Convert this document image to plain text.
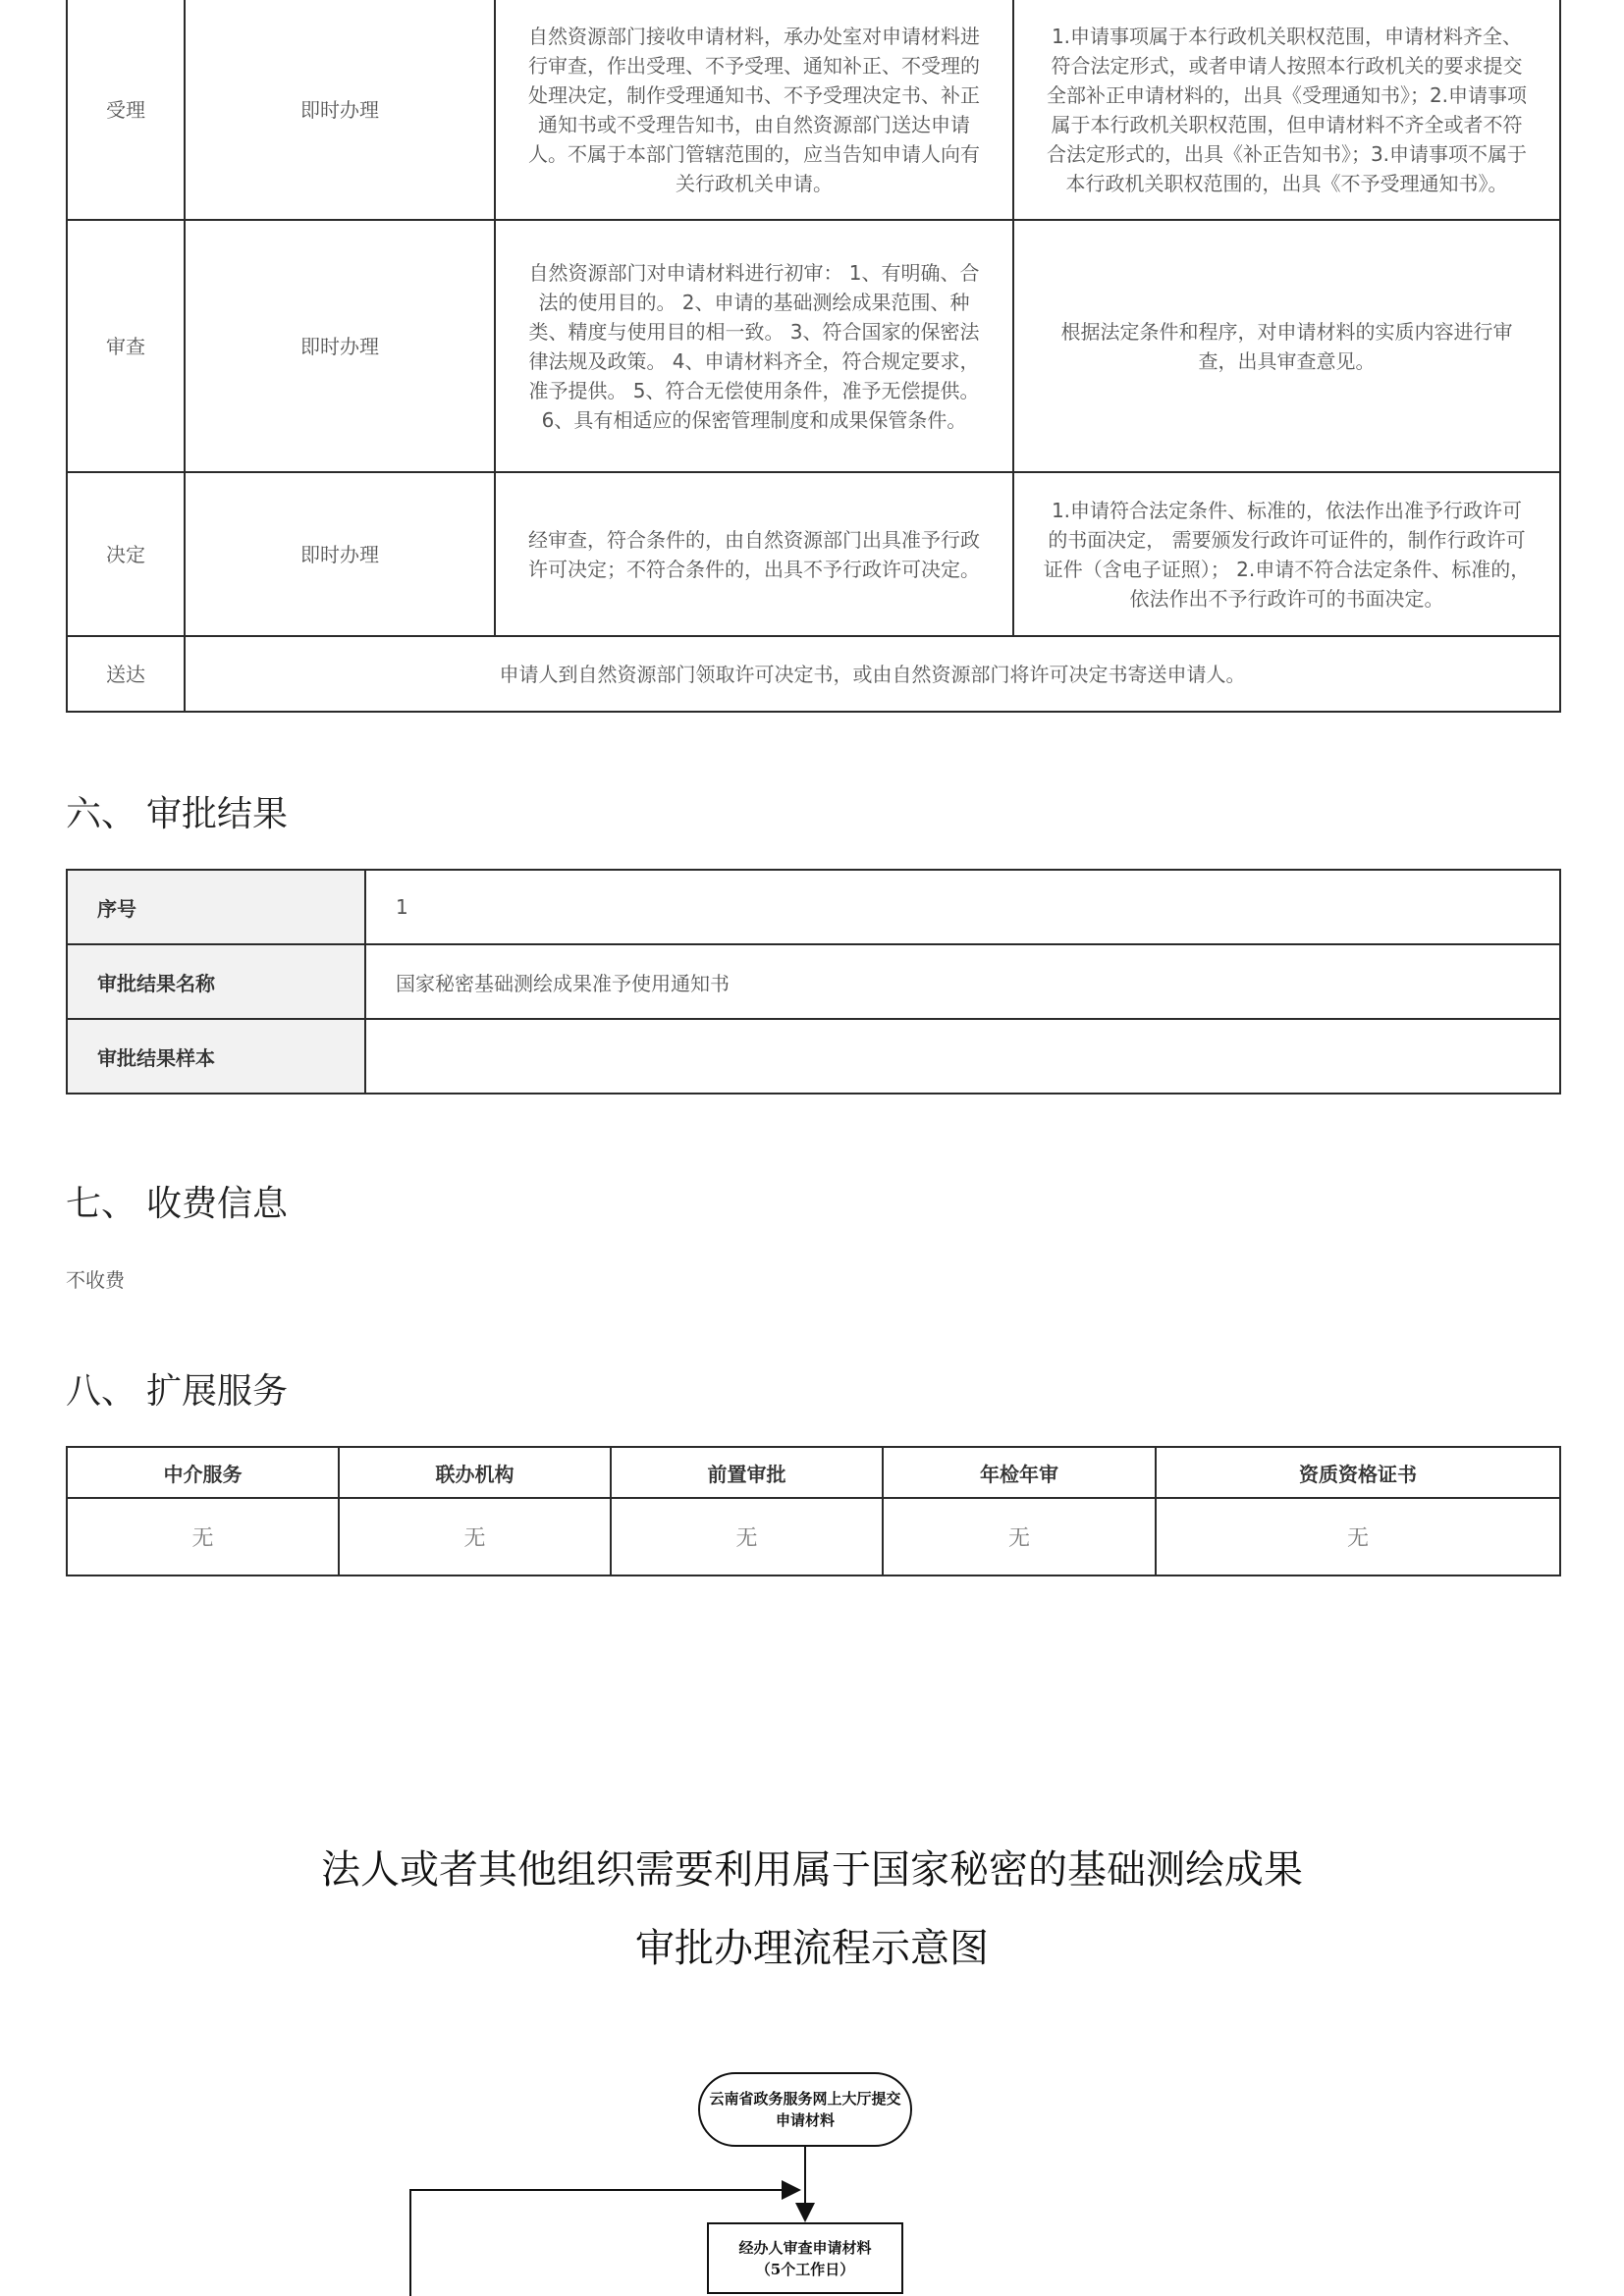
受理	即时办理	自然资源部门接收申请材料，承办处室对申请材料进行审查，作出受理、不予受理、通知补正、不受理的处理决定，制作受理通知书、不予受理决定书、补正通知书或不受理告知书，由自然资源部门送达申请人。不属于本部门管辖范围的，应当告知申请人向有关行政机关申请。	1.申请事项属于本行政机关职权范围，申请材料齐全、符合法定形式，或者申请人按照本行政机关的要求提交全部补正申请材料的，出具《受理通知书》；2.申请事项属于本行政机关职权范围，但申请材料不齐全或者不符合法定形式的，出具《补正告知书》；3.申请事项不属于本行政机关职权范围的，出具《不予受理通知书》。
审查	即时办理	自然资源部门对申请材料进行初审： 1、有明确、合法的使用目的。 2、申请的基础测绘成果范围、种类、精度与使用目的相一致。 3、符合国家的保密法律法规及政策。 4、申请材料齐全，符合规定要求，准予提供。 5、符合无偿使用条件，准予无偿提供。 6、具有相适应的保密管理制度和成果保管条件。	根据法定条件和程序，对申请材料的实质内容进行审查，出具审查意见。
决定	即时办理	经审查，符合条件的，由自然资源部门出具准予行政许可决定；不符合条件的，出具不予行政许可决定。	1.申请符合法定条件、标准的，依法作出准予行政许可的书面决定， 需要颁发行政许可证件的，制作行政许可证件（含电子证照）； 2.申请不符合法定条件、标准的，依法作出不予行政许可的书面决定。
送达	申请人到自然资源部门领取许可决定书，或由自然资源部门将许可决定书寄送申请人。		
六、 审批结果
序号	1
审批结果名称	国家秘密基础测绘成果准予使用通知书
审批结果样本	
七、 收费信息

不收费

八、 扩展服务
中介服务	联办机构	前置审批	年检年审	资质资格证书
无	无	无	无	无
法人或者其他组织需要利用属于国家秘密的基础测绘成果
审批办理流程示意图
云南省政务服务网上大厅提交
申请材料
经办人审查申请材料
（5个工作日）
